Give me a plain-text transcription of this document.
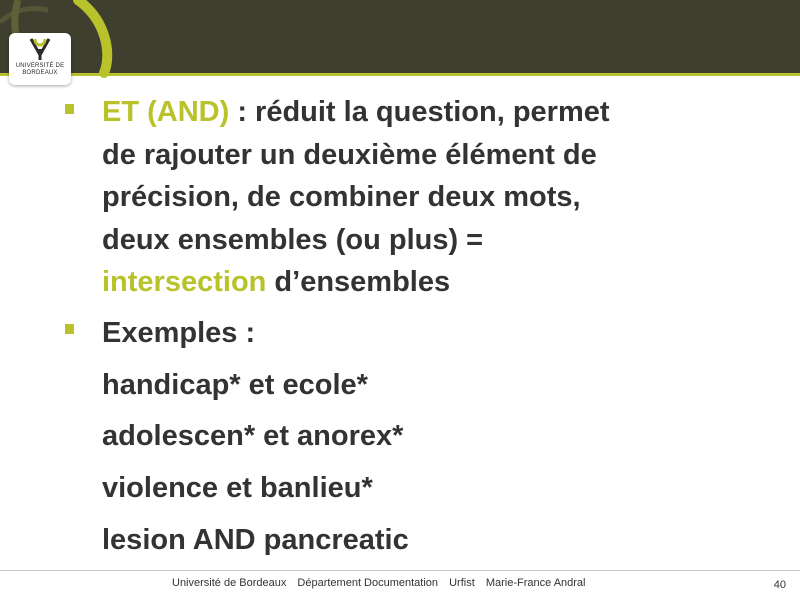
UNIVERSITÉ DE
BORDEAUX
ET (AND) : réduit la question, permet
de rajouter un deuxième élément de
précision, de combiner deux mots,
deux ensembles (ou plus) =
intersection d’ensembles
Exemples :
handicap* et ecole*
adolescen* et anorex*
violence et banlieu*
lesion AND pancreatic
Université de Bordeaux Département Documentation Urfist Marie-France Andral	40
